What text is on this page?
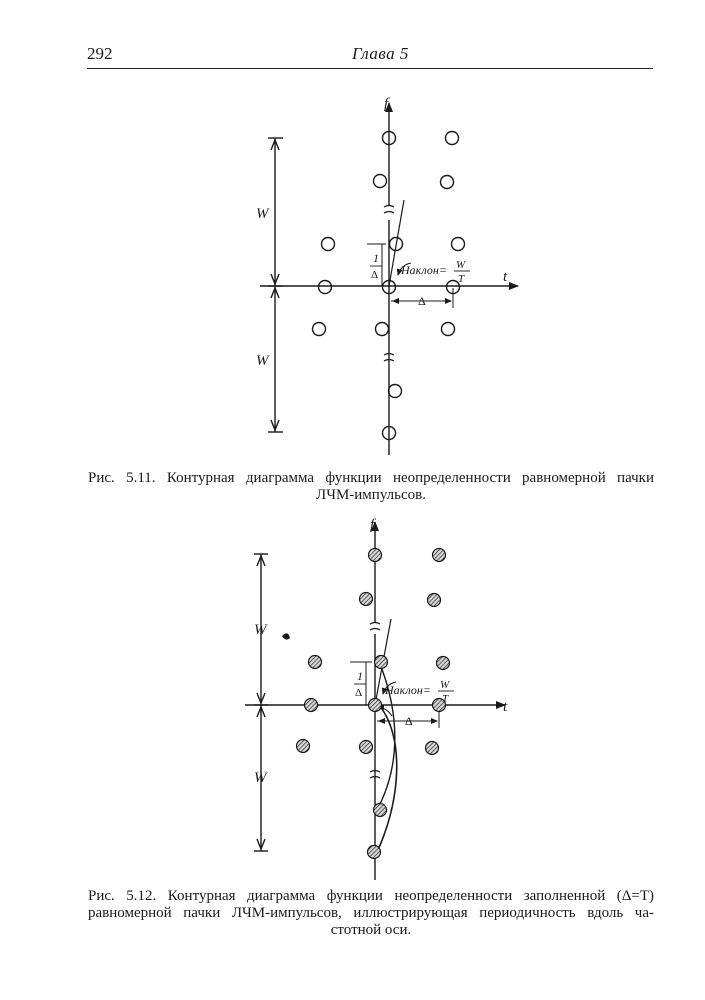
292	Глава 5
f
t
W
W
1
Δ Наклон= W
T
Δ
Рис. 5.11. Контурная диаграмма функции неопределенности равномерной пачки
ЛЧМ-импульсов.
f
t
W
W
1
Δ Наклон= W
T
Δ
Рис. 5.12. Контурная диаграмма функции неопределенности заполненной (Δ=T)
равномерной пачки ЛЧМ-импульсов, иллюстрирующая периодичность вдоль ча-
стотной оси.
